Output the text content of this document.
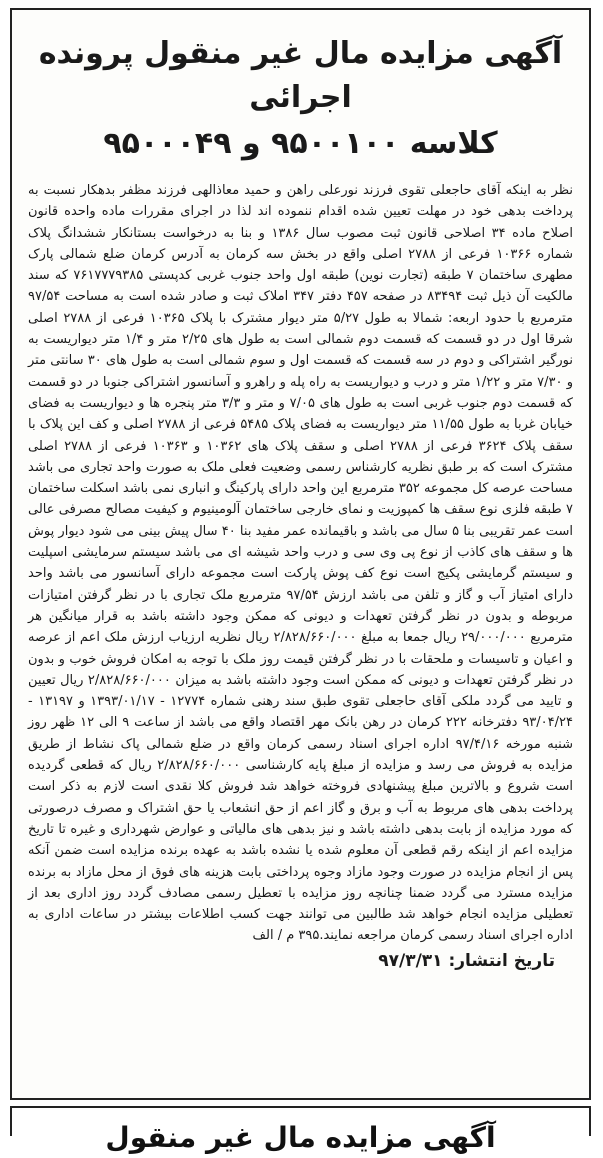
آگهی مزایده مال غیر منقول پرونده اجرائی
کلاسه ۹۵۰۰۱۰۰ و ۹۵۰۰۰۴۹
نظر به اینکه آقای حاجعلی تقوی فرزند نورعلی راهن و حمید معاذالهی فرزند مظفر بدهکار نسبت به پرداخت بدهی خود در مهلت تعیین شده اقدام ننموده اند لذا در اجرای مقررات ماده واحده قانون اصلاح ماده ۳۴ اصلاحی قانون ثبت مصوب سال ۱۳۸۶ و بنا به درخواست بستانکار ششدانگ پلاک شماره ۱۰۳۶۶ فرعی از ۲۷۸۸ اصلی واقع در بخش سه کرمان به آدرس کرمان ضلع شمالی پارک مطهری ساختمان ۷ طبقه (تجارت نوین) طبقه اول واحد جنوب غربی کدپستی ۷۶۱۷۷۷۹۳۸۵ که سند مالکیت آن ذیل ثبت ۸۳۴۹۴ در صفحه ۴۵۷ دفتر ۳۴۷ املاک ثبت و صادر شده است به مساحت ۹۷/۵۴ مترمربع با حدود اربعه: شمالا به طول ۵/۲۷ متر دیوار مشترک با پلاک ۱۰۳۶۵ فرعی از ۲۷۸۸ اصلی شرقا اول در دو قسمت که قسمت دوم شمالی است به طول های ۲/۲۵ متر و ۱/۴ متر دیواریست به نورگیر اشتراکی و دوم در سه قسمت که قسمت اول و سوم شمالی است به طول های ۳۰ سانتی متر و ۷/۳۰ متر و ۱/۲۲ متر و درب و دیواریست به راه پله و راهرو و آسانسور اشتراکی جنوبا در دو قسمت که قسمت دوم جنوب غربی است به طول های ۷/۰۵ و متر و ۳/۳ متر پنجره ها و دیواریست به فضای خیابان غربا به طول ۱۱/۵۵ متر دیواریست به فضای پلاک ۵۴۸۵ فرعی از ۲۷۸۸ اصلی و کف این پلاک با سقف پلاک ۳۶۲۴ فرعی از ۲۷۸۸ اصلی و سقف پلاک های ۱۰۳۶۲ و ۱۰۳۶۳ فرعی از ۲۷۸۸ اصلی مشترک است که بر طبق نظریه کارشناس رسمی وضعیت فعلی ملک به صورت واحد تجاری می باشد مساحت عرصه کل مجموعه ۳۵۲ مترمربع این واحد دارای پارکینگ و انباری نمی باشد اسکلت ساختمان ۷ طبقه فلزی نوع سقف ها کمپوزیت و نمای خارجی ساختمان آلومینیوم و کیفیت مصالح مصرفی عالی است عمر تقریبی بنا ۵ سال می باشد و باقیمانده عمر مفید بنا ۴۰ سال پیش بینی می شود دیوار پوش ها و سقف های کاذب از نوع پی وی سی و درب واحد شیشه ای می باشد سیستم سرمایشی اسپلیت و سیستم گرمایشی پکیج است نوع کف پوش پارکت است مجموعه دارای آسانسور می باشد واحد دارای امتیاز آب و گاز و تلفن می باشد ارزش ۹۷/۵۴ مترمربع ملک تجاری با در نظر گرفتن امتیازات مربوطه و بدون در نظر گرفتن تعهدات و دیونی که ممکن وجود داشته باشد به قرار میانگین هر مترمربع ۲۹/۰۰۰/۰۰۰ ریال جمعا به مبلغ ۲/۸۲۸/۶۶۰/۰۰۰ ریال نظریه ارزیاب ارزش ملک اعم از عرصه و اعیان و تاسیسات و ملحقات با در نظر گرفتن قیمت روز ملک با توجه به امکان فروش خوب و بدون در نظر گرفتن تعهدات و دیونی که ممکن است وجود داشته باشد به میزان ۲/۸۲۸/۶۶۰/۰۰۰ ریال تعیین و تایید می گردد ملکی آقای حاجعلی تقوی طبق سند رهنی شماره ۱۲۷۷۴ - ۱۳۹۳/۰۱/۱۷ و ۱۳۱۹۷ - ۹۳/۰۴/۲۴ دفترخانه ۲۲۲ کرمان در رهن بانک مهر اقتصاد واقع می باشد از ساعت ۹ الی ۱۲ ظهر روز شنبه مورخه ۹۷/۴/۱۶ اداره اجرای اسناد رسمی کرمان واقع در ضلع شمالی پاک نشاط از طریق مزایده به فروش می رسد و مزایده از مبلغ پایه کارشناسی ۲/۸۲۸/۶۶۰/۰۰۰ ریال که قطعی گردیده است شروع و بالاترین مبلغ پیشنهادی فروخته خواهد شد فروش کلا نقدی است لازم به ذکر است پرداخت بدهی های مربوط به آب و برق و گاز اعم از حق انشعاب یا حق اشتراک و مصرف درصورتی که مورد مزایده از بابت بدهی داشته باشد و نیز بدهی های مالیاتی و عوارض شهرداری و غیره تا تاریخ مزایده اعم از اینکه رقم قطعی آن معلوم شده یا نشده باشد به عهده برنده مزایده است ضمن آنکه پس از انجام مزایده در صورت وجود مازاد وجوه پرداختی بابت هزینه های فوق از محل مازاد به برنده مزایده مسترد می گردد ضمنا چنانچه روز مزایده با تعطیل رسمی مصادف گردد روز اداری بعد از تعطیلی مزایده انجام خواهد شد طالبین می توانند جهت کسب اطلاعات بیشتر در ساعات اداری به اداره اجرای اسناد رسمی کرمان مراجعه نمایند.۳۹۵ م / الف
تاریخ انتشار: ۹۷/۳/۳۱
آگهی مزایده مال غیر منقول
